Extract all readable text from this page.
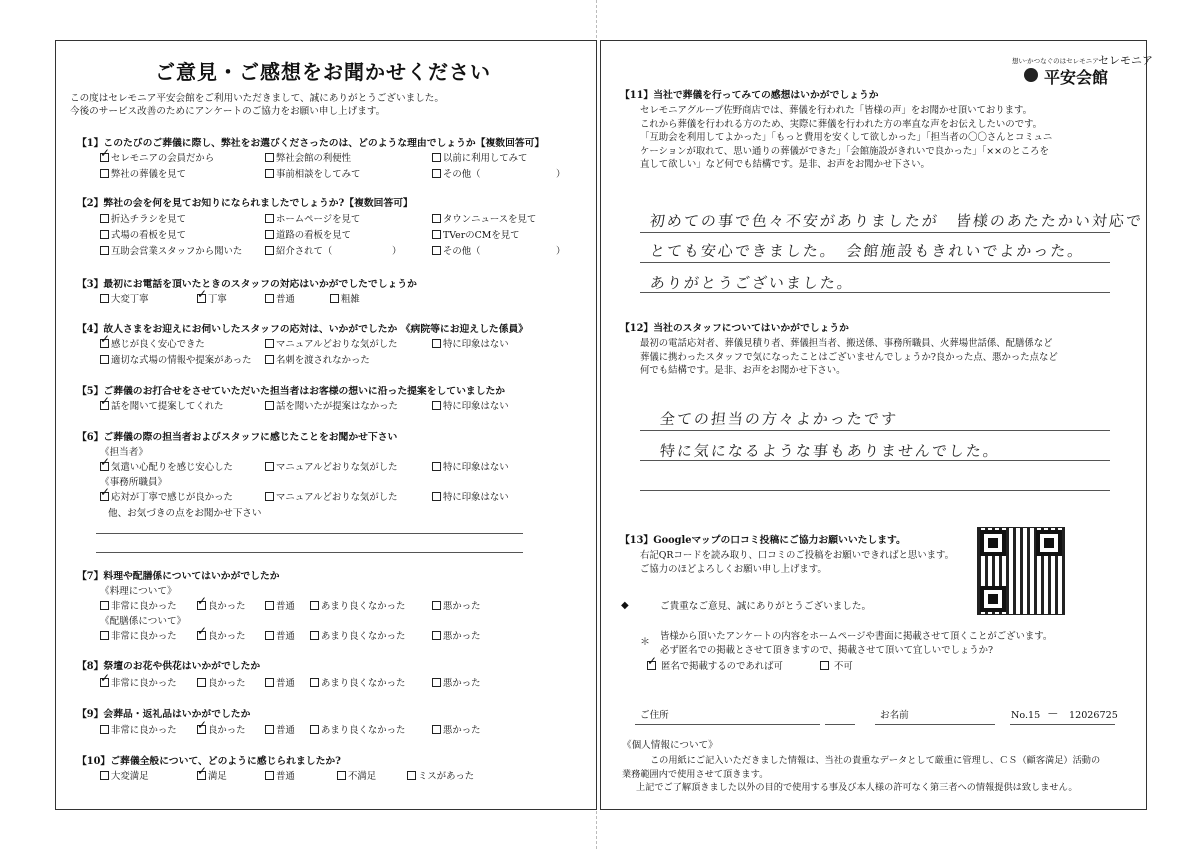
ご意見・ご感想をお聞かせください
この度はセレモニア平安会館をご利用いただきまして、誠にありがとうございました。
今後のサービス改善のためにアンケートのご協力をお願い申し上げます。
【1】このたびのご葬儀に際し、弊社をお選びくださったのは、どのような理由でしょうか【複数回答可】
✓セレモニアの会員だから	弊社会館の利便性	以前に利用してみて
弊社の葬儀を見て	事前相談をしてみて	その他（	）
【2】弊社の会を何を見てお知りになられましたでしょうか?【複数回答可】
折込チラシを見て	ホームページを見て	タウンニュースを見て
式場の看板を見て	道路の看板を見て	TVerのCMを見て
互助会営業スタッフから聞いた	紹介されて（	）	その他（	）
【3】最初にお電話を頂いたときのスタッフの対応はいかがでしたでしょうか
大変丁寧 ✓	丁寧	普通	粗雑
【4】故人さまをお迎えにお伺いしたスタッフの応対は、いかがでしたか 《病院等にお迎えした係員》
✓感じが良く安心できた	マニュアルどおりな気がした	特に印象はない
適切な式場の情報や提案があった	名刺を渡されなかった
【5】ご葬儀のお打合せをさせていただいた担当者はお客様の想いに沿った提案をしていましたか
✓話を聞いて提案してくれた	話を聞いたが提案はなかった	特に印象はない
【6】ご葬儀の際の担当者およびスタッフに感じたことをお聞かせ下さい
《担当者》
✓気遣い心配りを感じ安心した	マニュアルどおりな気がした	特に印象はない
《事務所職員》
✓応対が丁寧で感じが良かった	マニュアルどおりな気がした	特に印象はない
他、お気づきの点をお聞かせ下さい
【7】料理や配膳係についてはいかがでしたか
《料理について》
非常に良かった ✓	良かった	普通	あまり良くなかった	悪かった
《配膳係について》
非常に良かった ✓	良かった	普通	あまり良くなかった	悪かった
【8】祭壇のお花や供花はいかがでしたか
✓非常に良かった	良かった	普通	あまり良くなかった	悪かった
【9】会葬品・返礼品はいかがでしたか
非常に良かった ✓	良かった	普通	あまり良くなかった	悪かった
【10】ご葬儀全般について、どのように感じられましたか?
大変満足 ✓	満足	普通	不満足	ミスがあった
想い·かつなぐのはセレモニア セレモニア
平安会館
【11】当社で葬儀を行ってみての感想はいかがでしょうか
セレモニアグループ佐野商店では、葬儀を行われた「皆様の声」をお聞かせ頂いております。
これから葬儀を行われる方のため、実際に葬儀を行われた方の率直な声をお伝えしたいのです。
「互助会を利用してよかった」「もっと費用を安くして欲しかった」「担当者の〇〇さんとコミュニ
ケーションが取れて、思い通りの葬儀ができた」「会館施設がきれいで良かった」「××のところを
直して欲しい」など何でも結構です。是非、お声をお聞かせ下さい。
初めての事で色々不安がありましたが　皆様のあたたかい対応で
とても安心できました。　会館施設もきれいでよかった。
ありがとうございました。
【12】当社のスタッフについてはいかがでしょうか
最初の電話応対者、葬儀見積り者、葬儀担当者、搬送係、事務所職員、火葬場世話係、配膳係など
葬儀に携わったスタッフで気になったことはございませんでしょうか?良かった点、悪かった点など
何でも結構です。是非、お声をお聞かせ下さい。
全ての担当の方々よかったです
特に気になるような事もありませんでした。
【13】Googleマップの口コミ投稿にご協力お願いいたします。
右記QRコードを読み取り、口コミのご投稿をお願いできればと思います。
ご協力のほどよろしくお願い申し上げます。
◆	ご貴重なご意見、誠にありがとうございました。
＊
皆様から頂いたアンケートの内容をホームページや書面に掲載させて頂くことがございます。
必ず匿名での掲載とさせて頂きますので、掲載させて頂いて宜しいでしょうか?
✓ 匿名で掲載するのであれば可	不可
ご住所	お名前	No. 15 — 12026725
《個人情報について》
この用紙にご記入いただきました情報は、当社の貴重なデータとして厳重に管理し、ＣＳ（顧客満足）活動の
業務範囲内で使用させて頂きます。
上記でご了解頂きました以外の目的で使用する事及び本人様の許可なく第三者への情報提供は致しません。
